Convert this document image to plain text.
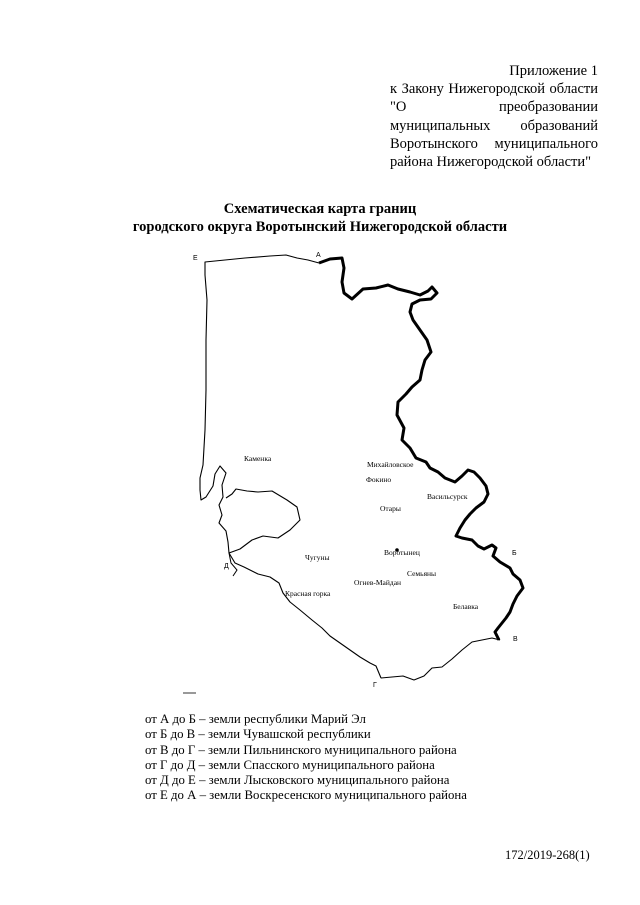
Приложение 1
к Закону Нижегородской области "О преобразовании муниципальных образований Воротынского муниципального района Нижегородской области"
Схематическая карта границ
городского округа Воротынский Нижегородской области
Е	А
Б
В
Г
Д
Каменка
Михайловское
Фокино
Васильсурск
Отары
Чугуны
Воротынец
Семьяны
Огнев-Майдан
Красная горка
Белавка
от А до Б – земли республики Марий Эл
от Б до В – земли Чувашской республики
от В до Г – земли Пильнинского муниципального района
от Г до Д – земли Спасского муниципального района
от Д до Е – земли Лысковского муниципального района
от Е до А – земли Воскресенского муниципального района
172/2019-268(1)
